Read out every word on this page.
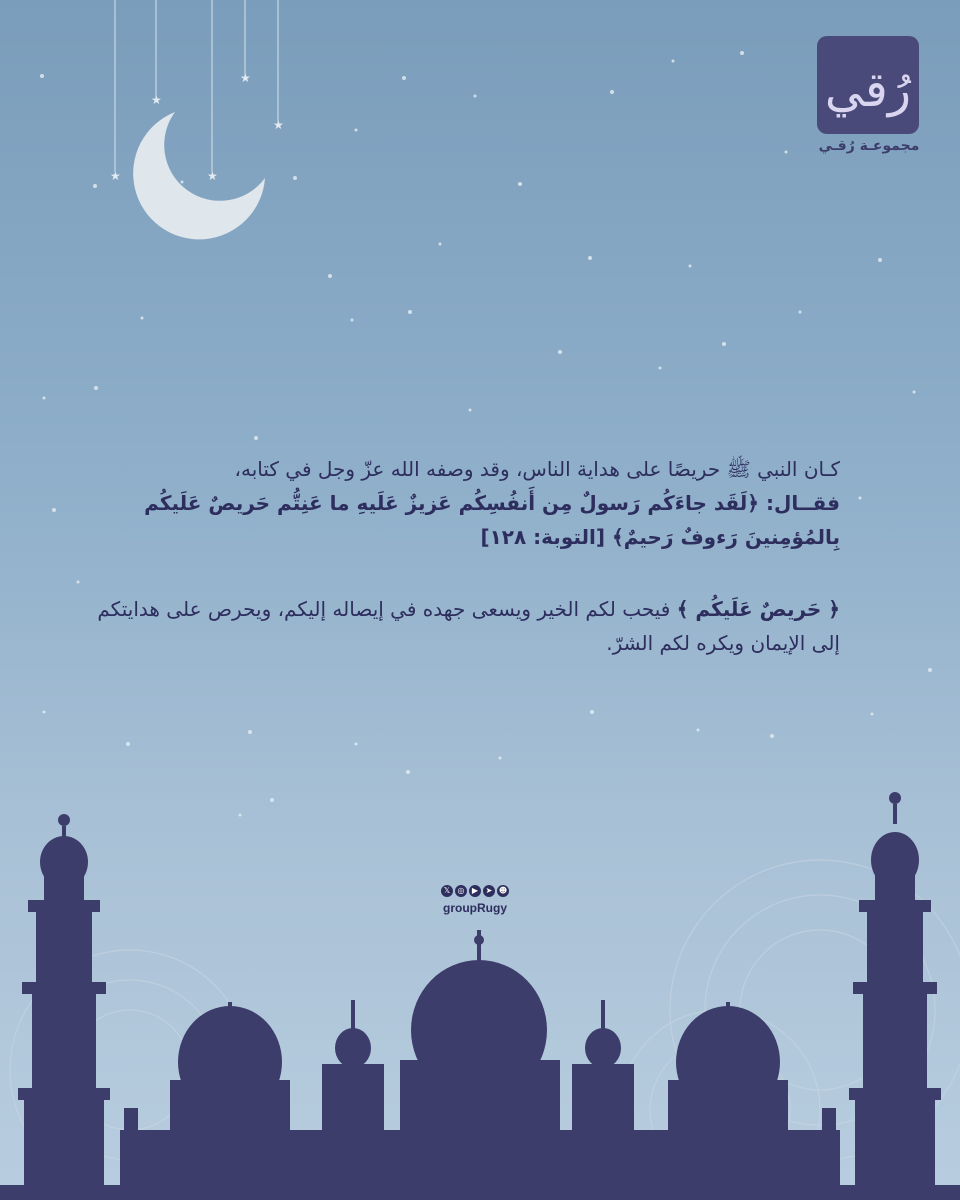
★
★
★
★
★
رُقي
مجموعـة رُقـي

كـان النبي ﷺ حريصًا على هداية الناس، وقد وصفه الله عزّ وجل في كتابه،

فقــال: ﴿لَقَد جاءَكُم رَسولٌ مِن أَنفُسِكُم عَزيزٌ عَلَيهِ ما عَنِتُّم حَريصٌ عَلَيكُم
بِالمُؤمِنينَ رَءوفٌ رَحيمٌ﴾ [التوبة: ١٢٨]

﴿ حَريصٌ عَلَيكُم ﴾ فيحب لكم الخير ويسعى جهده في إيصاله إليكم، ويحرص على هدايتكم إلى الإيمان ويكره لكم الشرّ.

𝕏 ◎ ▶ ➤ ☻
groupRugy
